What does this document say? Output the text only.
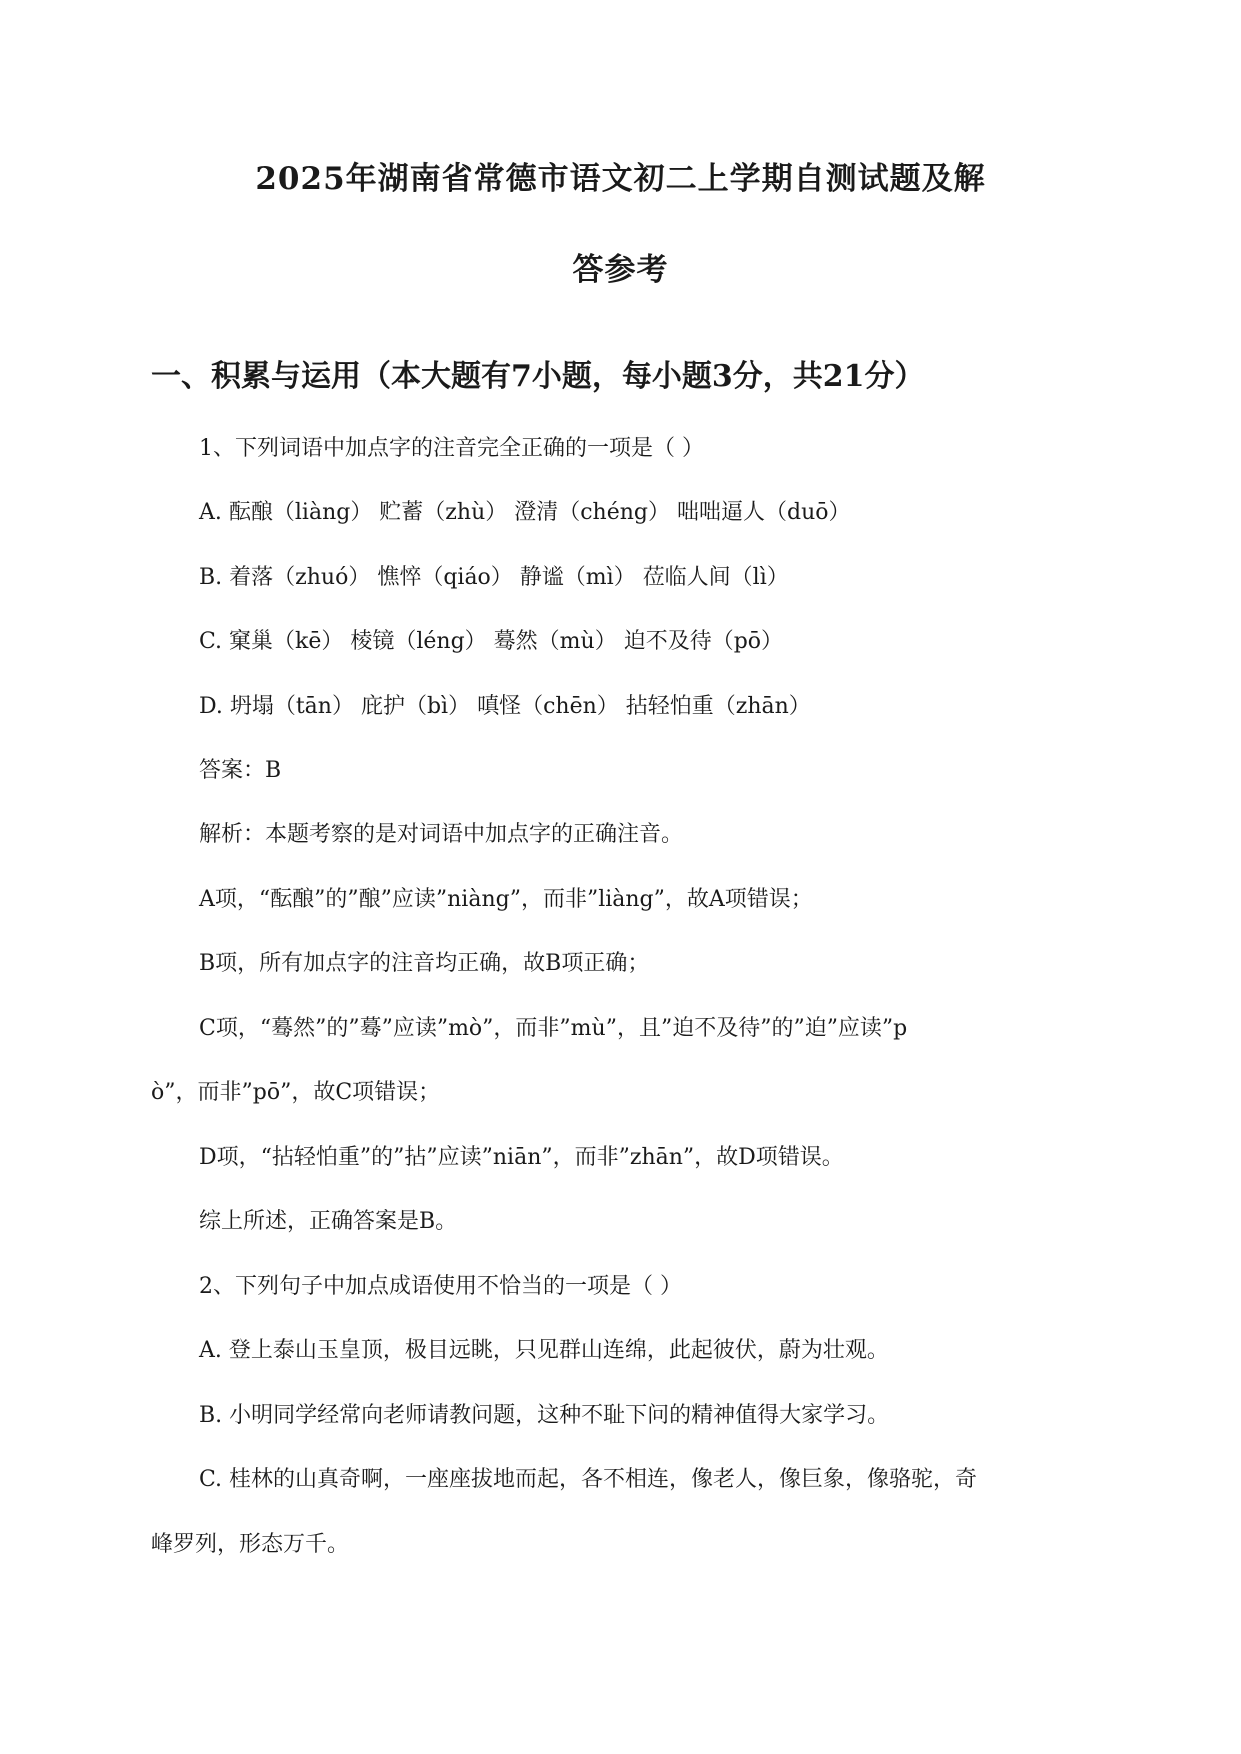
2025年湖南省常德市语文初二上学期自测试题及解
答参考
一、积累与运用（本大题有7小题，每小题3分，共21分）
1、下列词语中加点字的注音完全正确的一项是（ ）
A. 酝酿（liàng） 贮蓄（zhù） 澄清（chéng） 咄咄逼人（duō）
B. 着落（zhuó） 憔悴（qiáo） 静谧（mì） 莅临人间（lì）
C. 窠巢（kē） 棱镜（léng） 蓦然（mù） 迫不及待（pō）
D. 坍塌（tān） 庇护（bì） 嗔怪（chēn） 拈轻怕重（zhān）
答案：B
解析：本题考察的是对词语中加点字的正确注音。
A项，“酝酿”的”酿”应读”niàng”，而非”liàng”，故A项错误；
B项，所有加点字的注音均正确，故B项正确；
C项，“蓦然”的”蓦”应读”mò”，而非”mù”，且”迫不及待”的”迫”应读”p
ò”，而非”pō”，故C项错误；
D项，“拈轻怕重”的”拈”应读”niān”，而非”zhān”，故D项错误。
综上所述，正确答案是B。
2、下列句子中加点成语使用不恰当的一项是（ ）
A. 登上泰山玉皇顶，极目远眺，只见群山连绵，此起彼伏，蔚为壮观。
B. 小明同学经常向老师请教问题，这种不耻下问的精神值得大家学习。
C. 桂林的山真奇啊，一座座拔地而起，各不相连，像老人，像巨象，像骆驼，奇
峰罗列，形态万千。
